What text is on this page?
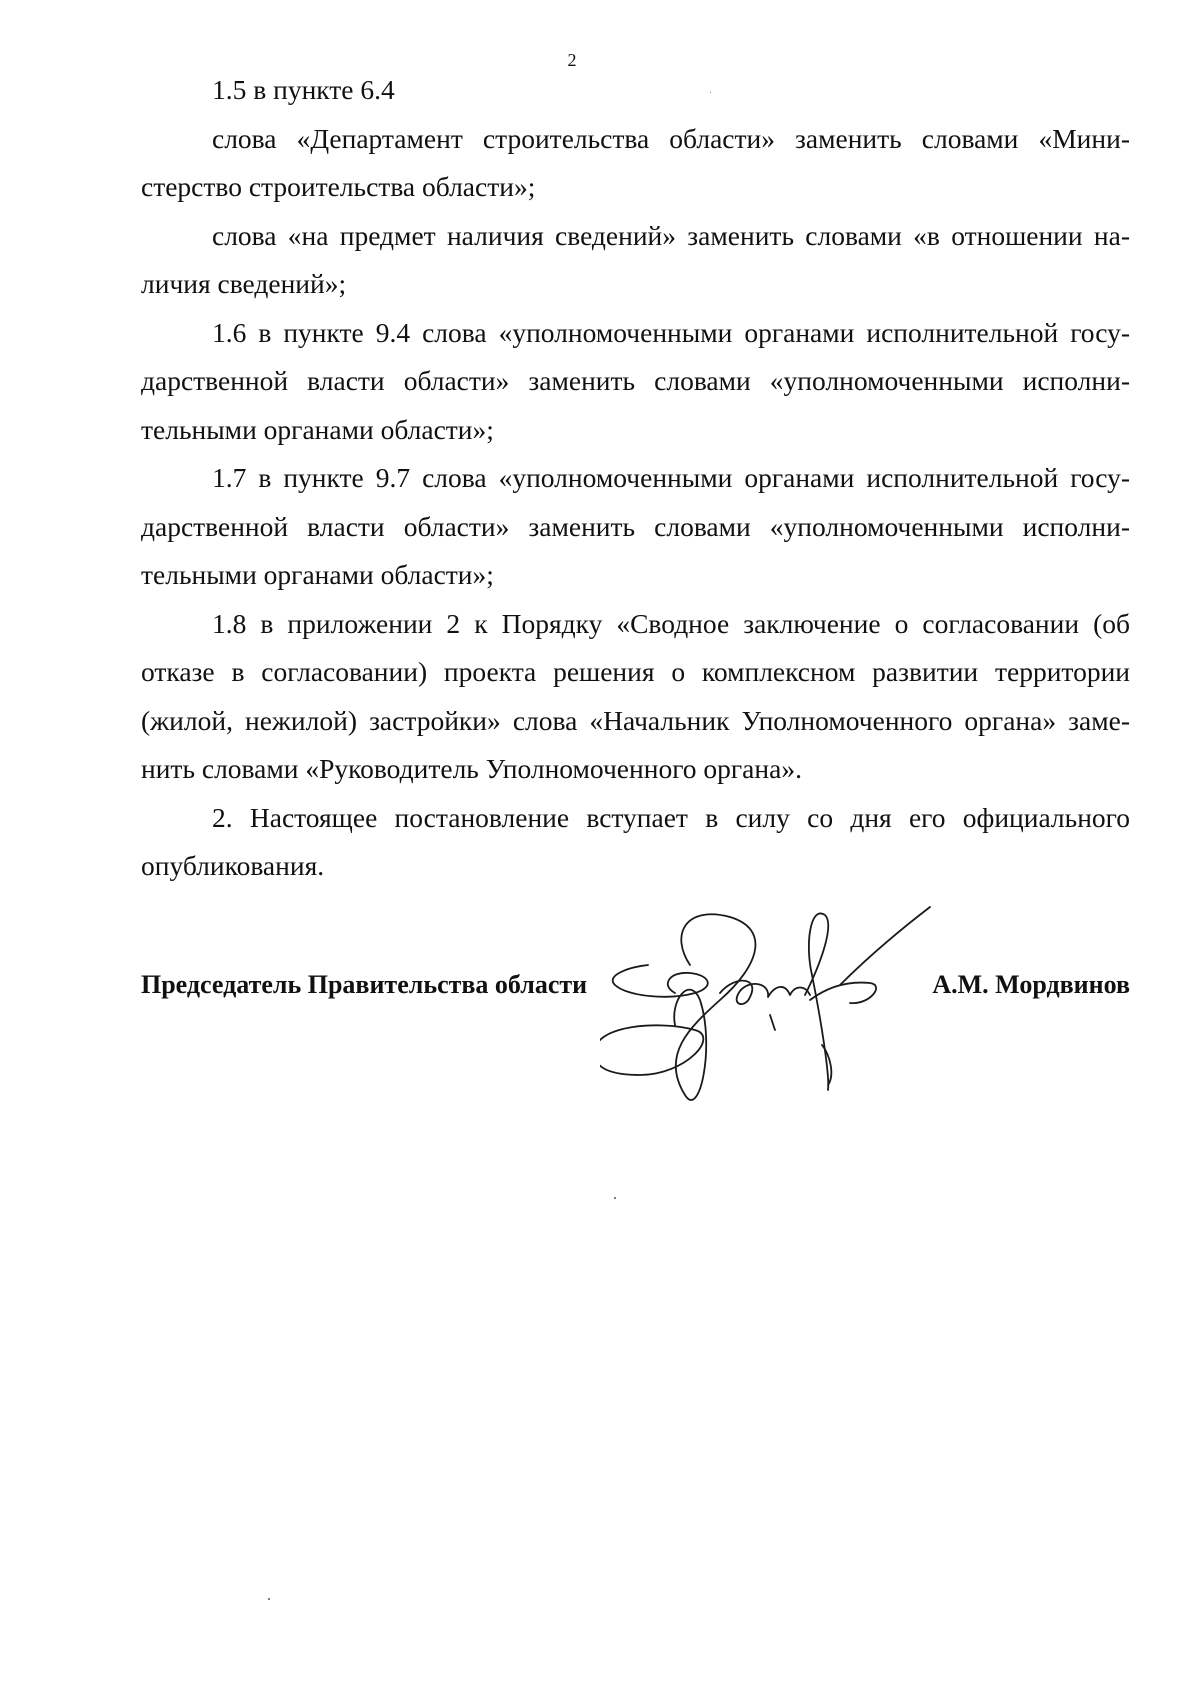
2

1.5 в пункте 6.4

слова «Департамент строительства области» заменить словами «Министерство строительства области»;

слова «на предмет наличия сведений» заменить словами «в отношении наличия сведений»;

1.6 в пункте 9.4 слова «уполномоченными органами исполнительной государственной власти области» заменить словами «уполномоченными исполнительными органами области»;

1.7 в пункте 9.7 слова «уполномоченными органами исполнительной государственной власти области» заменить словами «уполномоченными исполнительными органами области»;

1.8 в приложении 2 к Порядку «Сводное заключение о согласовании (об отказе в согласовании) проекта решения о комплексном развитии территории (жилой, нежилой) застройки» слова «Начальник Уполномоченного органа» заменить словами «Руководитель Уполномоченного органа».

2. Настоящее постановление вступает в силу со дня его официального опубликования.

Председатель Правительства области	А.М. Мордвинов
